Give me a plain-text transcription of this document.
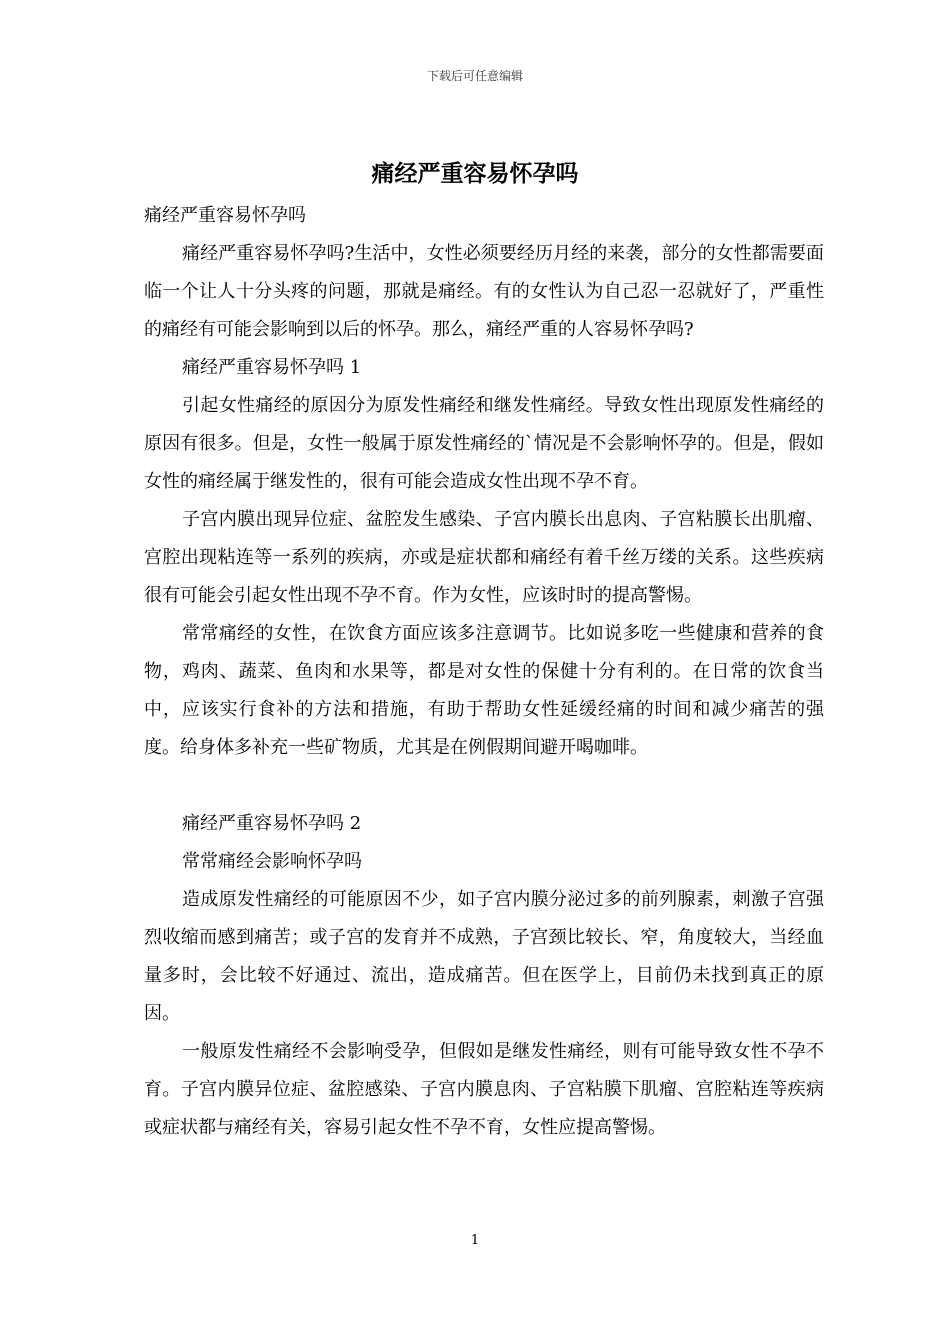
下载后可任意编辑
痛经严重容易怀孕吗

痛经严重容易怀孕吗

痛经严重容易怀孕吗?生活中，女性必须要经历月经的来袭，部分的女性都需要面临一个让人十分头疼的问题，那就是痛经。有的女性认为自己忍一忍就好了，严重性的痛经有可能会影响到以后的怀孕。那么，痛经严重的人容易怀孕吗?

痛经严重容易怀孕吗 1

引起女性痛经的原因分为原发性痛经和继发性痛经。导致女性出现原发性痛经的原因有很多。但是，女性一般属于原发性痛经的`情况是不会影响怀孕的。但是，假如女性的痛经属于继发性的，很有可能会造成女性出现不孕不育。

子宫内膜出现异位症、盆腔发生感染、子宫内膜长出息肉、子宫粘膜长出肌瘤、宫腔出现粘连等一系列的疾病，亦或是症状都和痛经有着千丝万缕的关系。这些疾病很有可能会引起女性出现不孕不育。作为女性，应该时时的提高警惕。

常常痛经的女性，在饮食方面应该多注意调节。比如说多吃一些健康和营养的食物，鸡肉、蔬菜、鱼肉和水果等，都是对女性的保健十分有利的。在日常的饮食当中，应该实行食补的方法和措施，有助于帮助女性延缓经痛的时间和减少痛苦的强度。给身体多补充一些矿物质，尤其是在例假期间避开喝咖啡。

痛经严重容易怀孕吗 2

常常痛经会影响怀孕吗

造成原发性痛经的可能原因不少，如子宫内膜分泌过多的前列腺素，刺激子宫强烈收缩而感到痛苦；或子宫的发育并不成熟，子宫颈比较长、窄，角度较大，当经血量多时，会比较不好通过、流出，造成痛苦。但在医学上，目前仍未找到真正的原因。

一般原发性痛经不会影响受孕，但假如是继发性痛经，则有可能导致女性不孕不育。子宫内膜异位症、盆腔感染、子宫内膜息肉、子宫粘膜下肌瘤、宫腔粘连等疾病或症状都与痛经有关，容易引起女性不孕不育，女性应提高警惕。

1
